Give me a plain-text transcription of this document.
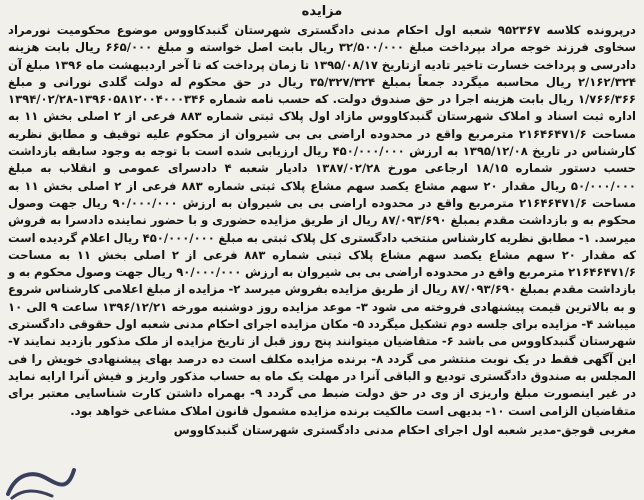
مزایده

درپرونده کلاسه ۹۵۲۳۶۷ شعبه اول احکام مدنی دادگستری شهرستان گنبدکاووس موضوع محکومیت نورمراد سخاوی فرزند خوجه مراد بپرداخت مبلغ ۳۲/۵۰۰/۰۰۰ ریال بابت اصل خواسته و مبلغ ۶۶۵/۰۰۰ ریال بابت هزینه دادرسی و پرداخت خسارت تاخیر تادیه ازتاریخ ۱۳۹۵/۰۸/۱۷ تا زمان پرداخت که تا آخر اردیبهشت ماه ۱۳۹۶ مبلغ آن ۲/۱۶۲/۳۲۴ ریال محاسبه میگردد جمعاً بمبلغ ۳۵/۳۲۷/۳۲۴ ریال در حق محکوم له دولت گلدی نورانی و مبلغ ۱/۷۶۶/۳۶۶ ریال بابت هزینه اجرا در حق صندوق دولت. که حسب نامه شماره ۱۳۹۶۰۵۸۱۲۰۰۴۰۰۰۳۴۶-۱۳۹۴/۰۲/۲۸ اداره ثبت اسناد و املاک شهرستان گنبدکاووس مازاد اول پلاک ثبتی شماره ۸۸۳ فرعی از ۲ اصلی بخش ۱۱ به مساحت ۲۱۶۴۶۴۷۱/۶ مترمربع واقع در محدوده اراضی بی بی شیروان از محکوم علیه توقیف و مطابق نظریه کارشناس در تاریخ ۱۳۹۵/۱۲/۰۸ به ارزش ۴۵۰/۰۰۰/۰۰۰ ریال ارزیابی شده است با توجه به وجود سابقه بازداشت حسب دستور شماره ۱۸/۱۵ ارجاعی مورخ ۱۳۸۷/۰۲/۲۸ دادیار شعبه ۴ دادسرای عمومی و انقلاب به مبلغ ۵۰/۰۰۰/۰۰۰ ریال مقدار ۲۰ سهم مشاع یکصد سهم مشاع پلاک ثبتی شماره ۸۸۳ فرعی از ۲ اصلی بخش ۱۱ به مساحت ۲۱۶۴۶۴۷۱/۶ مترمربع واقع در محدوده اراضی بی بی شیروان به ارزش ۹۰/۰۰۰/۰۰۰ ریال جهت وصول محکوم به و بازداشت مقدم بمبلغ ۸۷/۰۹۳/۶۹۰ ریال از طریق مزایده حضوری و با حضور نماینده دادسرا به فروش میرسد. ۱- مطابق نظریه کارشناس منتخب دادگستری کل پلاک ثبتی به مبلغ ۴۵۰/۰۰۰/۰۰۰ ریال اعلام گردیده است که مقدار ۲۰ سهم مشاع یکصد سهم مشاع پلاک ثبتی شماره ۸۸۳ فرعی از ۲ اصلی بخش ۱۱ به مساحت ۲۱۶۴۶۴۷۱/۶ مترمربع واقع در محدوده اراضی بی بی شیروان به ارزش ۹۰/۰۰۰/۰۰۰ ریال جهت وصول محکوم به و بازداشت مقدم بمبلغ ۸۷/۰۹۳/۶۹۰ ریال از طریق مزایده بفروش میرسد ۲- مزایده از مبلغ اعلامی کارشناس شروع و به بالاترین قیمت پیشنهادی فروخته می شود ۳- موعد مزایده روز دوشنبه مورخه ۱۳۹۶/۱۲/۲۱ ساعت ۹ الی ۱۰ میباشد ۴- مزایده برای جلسه دوم تشکیل میگردد ۵- مکان مزایده اجرای احکام مدنی شعبه اول حقوقی دادگستری شهرستان گنبدکاووس می باشد ۶- متقاضیان میتوانند پنج روز قبل از تاریخ مزایده از ملک مذکور بازدید نمایند ۷- این آگهی فقط در یک نوبت منتشر می گردد ۸- برنده مزایده مکلف است ده درصد بهای پیشنهادی خویش را فی المجلس به صندوق دادگستری تودیع و الباقی آنرا در مهلت یک ماه به حساب مذکور واریز و فیش آنرا ارایه نماید در غیر اینصورت مبلغ واریزی از وی در حق دولت ضبط می گردد ۹- بهمراه داشتن کارت شناسایی معتبر برای متقاضیان الزامی است ۱۰- بدیهی است مالکیت برنده مزایده مشمول قانون املاک مشاعی خواهد بود.

مغربی قوجق-مدیر شعبه اول اجرای احکام مدنی دادگستری شهرستان گنبدکاووس
